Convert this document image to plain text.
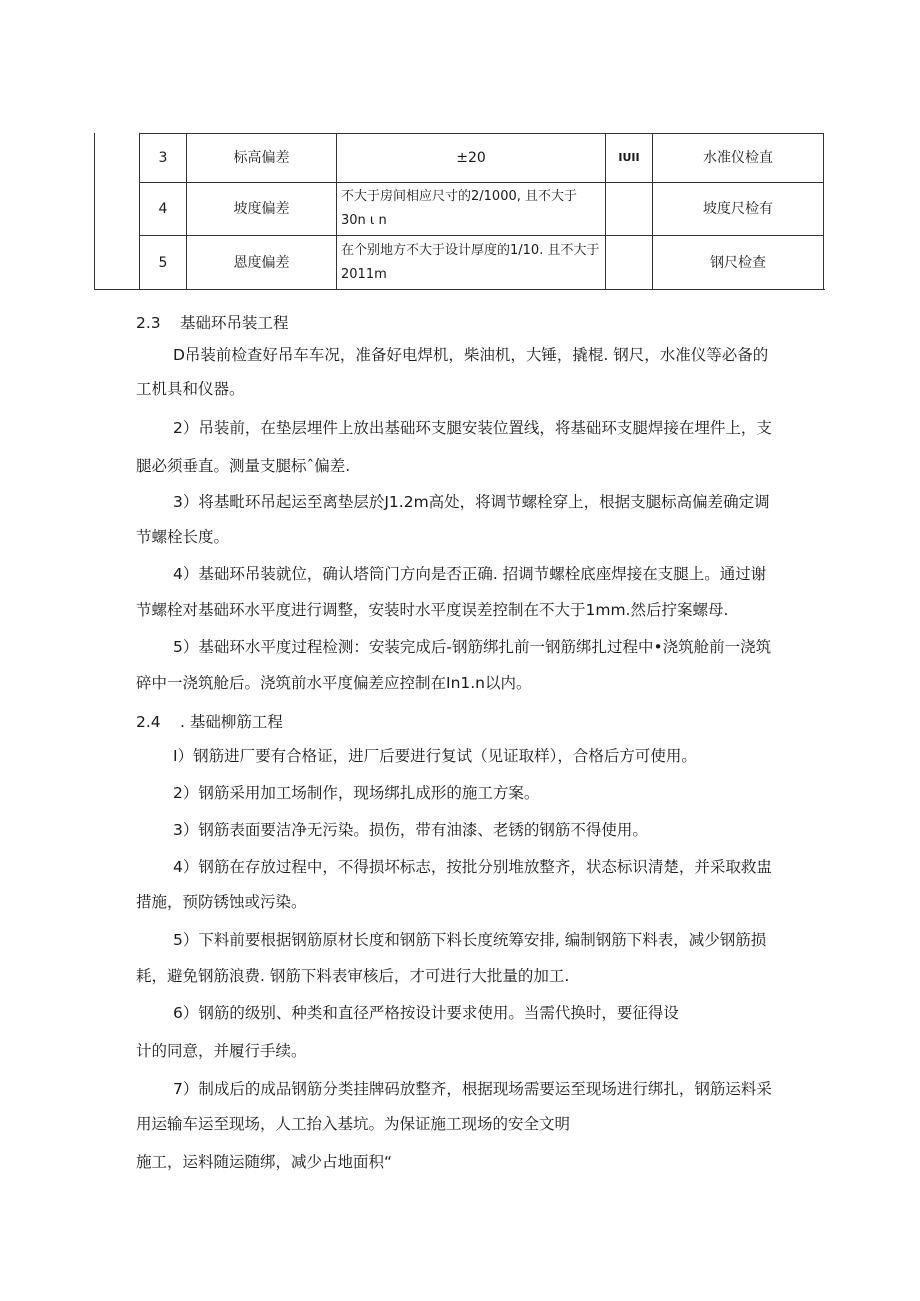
3	标高偏差	±20	IUII	水准仪检直
4	坡度偏差	不大于房间相应尺寸的2/1000, 且不大于30n ι n		坡度尺检有
5	恩度偏差	在个别地方不大于设计厚度的1/10. 且不大于2011m		钢尺检查
2.3 基础环吊装工程

D吊装前检查好吊车车况，准备好电焊机，柴油机，大锤，撬棍. 钢尺，水准仪等必备的

工机具和仪器。

2）吊装前，在垫层埋件上放出基础环支腿安装位置线，将基础环支腿焊接在埋件上，支

腿必须垂直。测量支腿标ˆ偏差.

3）将基毗环吊起运至离垫层於J1.2m高处，将调节螺栓穿上，根据支腿标高偏差确定调

节螺栓长度。

4）基础环吊装就位，确认塔筒门方向是否正确. 招调节螺栓底座焊接在支腿上。通过谢

节螺栓对基础环水平度进行调整，安装时水平度误差控制在不大于1mm.然后拧案螺母.

5）基础环水平度过程检测：安装完成后-钢筋绑扎前一钢筋绑扎过程中•浇筑舱前一浇筑

碎中一浇筑舱后。浇筑前水平度偏差应控制在In1.n以内。

2.4 . 基础柳筋工程

I）钢筋进厂要有合格证，进厂后要进行复试（见证取样），合格后方可使用。

2）钢筋采用加工场制作，现场绑扎成形的施工方案。

3）钢筋表面要洁净无污染。损伤，带有油漆、老锈的钢筋不得使用。

4）钢筋在存放过程中，不得损坏标志，按批分别堆放整齐，状态标识清楚，并采取救盅

措施，预防锈蚀或污染。

5）下料前要根据钢筋原材长度和钢筋下料长度统筹安排, 编制钢筋下料表，减少钢筋损

耗，避免钢筋浪费. 钢筋下料表审核后，才可进行大批量的加工.

6）钢筋的级别、种类和直径严格按设计要求使用。当需代换时，要征得设

计的同意，并履行手续。

7）制成后的成品钢筋分类挂牌码放整齐，根据现场需要运至现场进行绑扎，钢筋运料采

用运输车运至现场，人工抬入基坑。为保证施工现场的安全文明

施工，运料随运随绑，减少占地面积“
